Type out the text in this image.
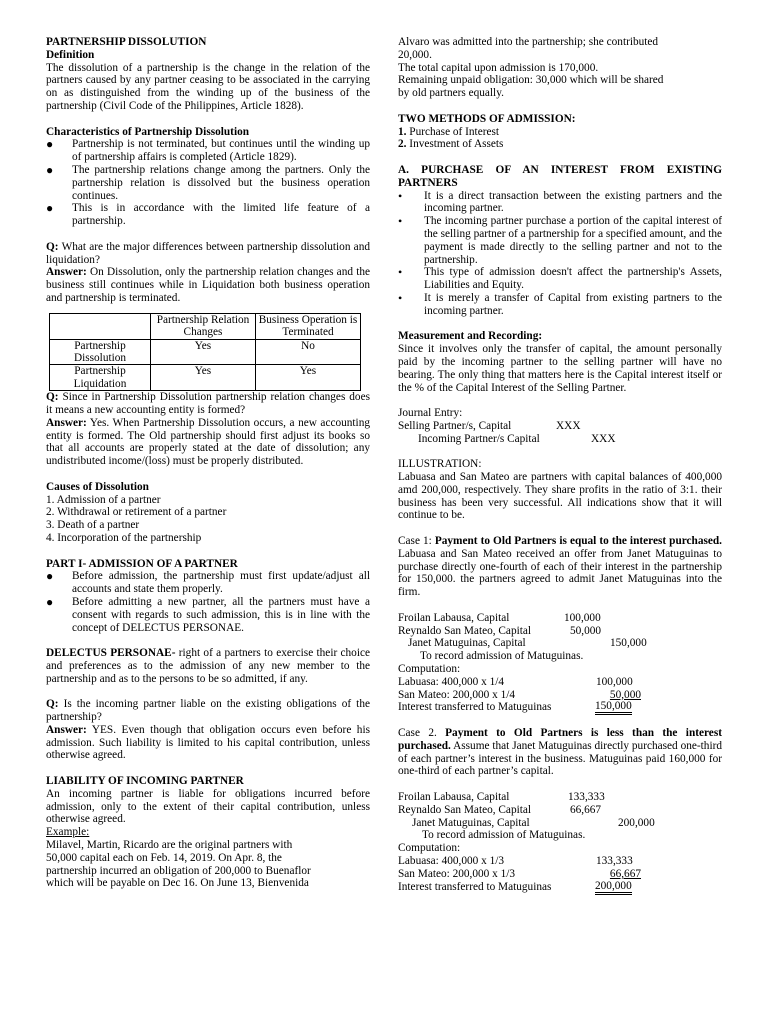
PARTNERSHIP DISSOLUTION

Definition

The dissolution of a partnership is the change in the relation of the partners caused by any partner ceasing to be associated in the carrying on as distinguished from the winding up of the business of the partnership (Civil Code of the Philippines, Article 1828).

Characteristics of Partnership Dissolution

●	Partnership is not terminated, but continues until the winding up of partnership affairs is completed (Article 1829).
●	The partnership relations change among the partners. Only the partnership relation is dissolved but the business operation continues.
●	This is in accordance with the limited life feature of a partnership.

Q: What are the major differences between partnership dissolution and liquidation?

Answer: On Dissolution, only the partnership relation changes and the business still continues while in Liquidation both business operation and partnership is terminated.

	Partnership Relation Changes	Business Operation is Terminated
Partnership Dissolution	Yes	No
Partnership Liquidation	Yes	Yes

Q: Since in Partnership Dissolution partnership relation changes does it means a new accounting entity is formed?

Answer: Yes. When Partnership Dissolution occurs, a new accounting entity is formed. The Old partnership should first adjust its books so that all accounts are properly stated at the date of dissolution; any undistributed income/(loss) must be properly distributed.

Causes of Dissolution

1. Admission of a partner

2. Withdrawal or retirement of a partner

3. Death of a partner

4. Incorporation of the partnership

PART I- ADMISSION OF A PARTNER

●	Before admission, the partnership must first update/adjust all accounts and state them properly.
●	Before admitting a new partner, all the partners must have a consent with regards to such admission, this is in line with the concept of DELECTUS PERSONAE.

DELECTUS PERSONAE- right of a partners to exercise their choice and preferences as to the admission of any new member to the partnership and as to the persons to be so admitted, if any.

Q: Is the incoming partner liable on the existing obligations of the partnership?

Answer: YES. Even though that obligation occurs even before his admission. Such liability is limited to his capital contribution, unless otherwise agreed.

LIABILITY OF INCOMING PARTNER

An incoming partner is liable for obligations incurred before admission, only to the extent of their capital contribution, unless otherwise agreed.

Example:

Milavel, Martin, Ricardo are the original partners with

50,000 capital each on Feb. 14, 2019. On Apr. 8, the

partnership incurred an obligation of 200,000 to Buenaflor

which will be payable on Dec 16. On June 13, Bienvenida

Alvaro was admitted into the partnership; she contributed

20,000.

The total capital upon admission is 170,000.

Remaining unpaid obligation: 30,000 which will be shared

by old partners equally.

TWO METHODS OF ADMISSION:

1. Purchase of Interest

2. Investment of Assets

A. PURCHASE OF AN INTEREST FROM EXISTING PARTNERS

•	It is a direct transaction between the existing partners and the incoming partner.
•	The incoming partner purchase a portion of the capital interest of the selling partner of a partnership for a specified amount, and the payment is made directly to the selling partner and not to the partnership.
•	This type of admission doesn't affect the partnership's Assets, Liabilities and Equity.
•	It is merely a transfer of Capital from existing partners to the incoming partner.

Measurement and Recording:

Since it involves only the transfer of capital, the amount personally paid by the incoming partner to the selling partner will have no bearing. The only thing that matters here is the Capital interest itself or the % of the Capital Interest of the Selling Partner.

Journal Entry:

Selling Partner/s, Capital	XXX
Incoming Partner/s Capital	XXX

ILLUSTRATION:

Labuasa and San Mateo are partners with capital balances of 400,000 amd 200,000, respectively. They share profits in the ratio of 3:1. their business has been very successful. All indications show that it will continue to be.

Case 1: Payment to Old Partners is equal to the interest purchased. Labuasa and San Mateo received an offer from Janet Matuguinas to purchase directly one-fourth of each of their interest in the partnership for 150,000. the partners agreed to admit Janet Matuguinas into the firm.

Froilan Labausa, Capital	100,000
Reynaldo San Mateo, Capital	50,000
Janet Matuguinas, Capital	150,000
To record admission of Matuguinas.

Computation:

Labuasa: 400,000 x 1/4	100,000
San Mateo: 200,000 x 1/4	50,000
Interest transferred to Matuguinas	150,000

Case 2. Payment to Old Partners is less than the interest purchased. Assume that Janet Matuguinas directly purchased one-third of each partner’s interest in the business. Matuguinas paid 160,000 for one-third of each partner’s capital.

Froilan Labausa, Capital	133,333
Reynaldo San Mateo, Capital	66,667
Janet Matuguinas, Capital	200,000
To record admission of Matuguinas.

Computation:

Labuasa: 400,000 x 1/3	133,333
San Mateo: 200,000 x 1/3	66,667
Interest transferred to Matuguinas	200,000
